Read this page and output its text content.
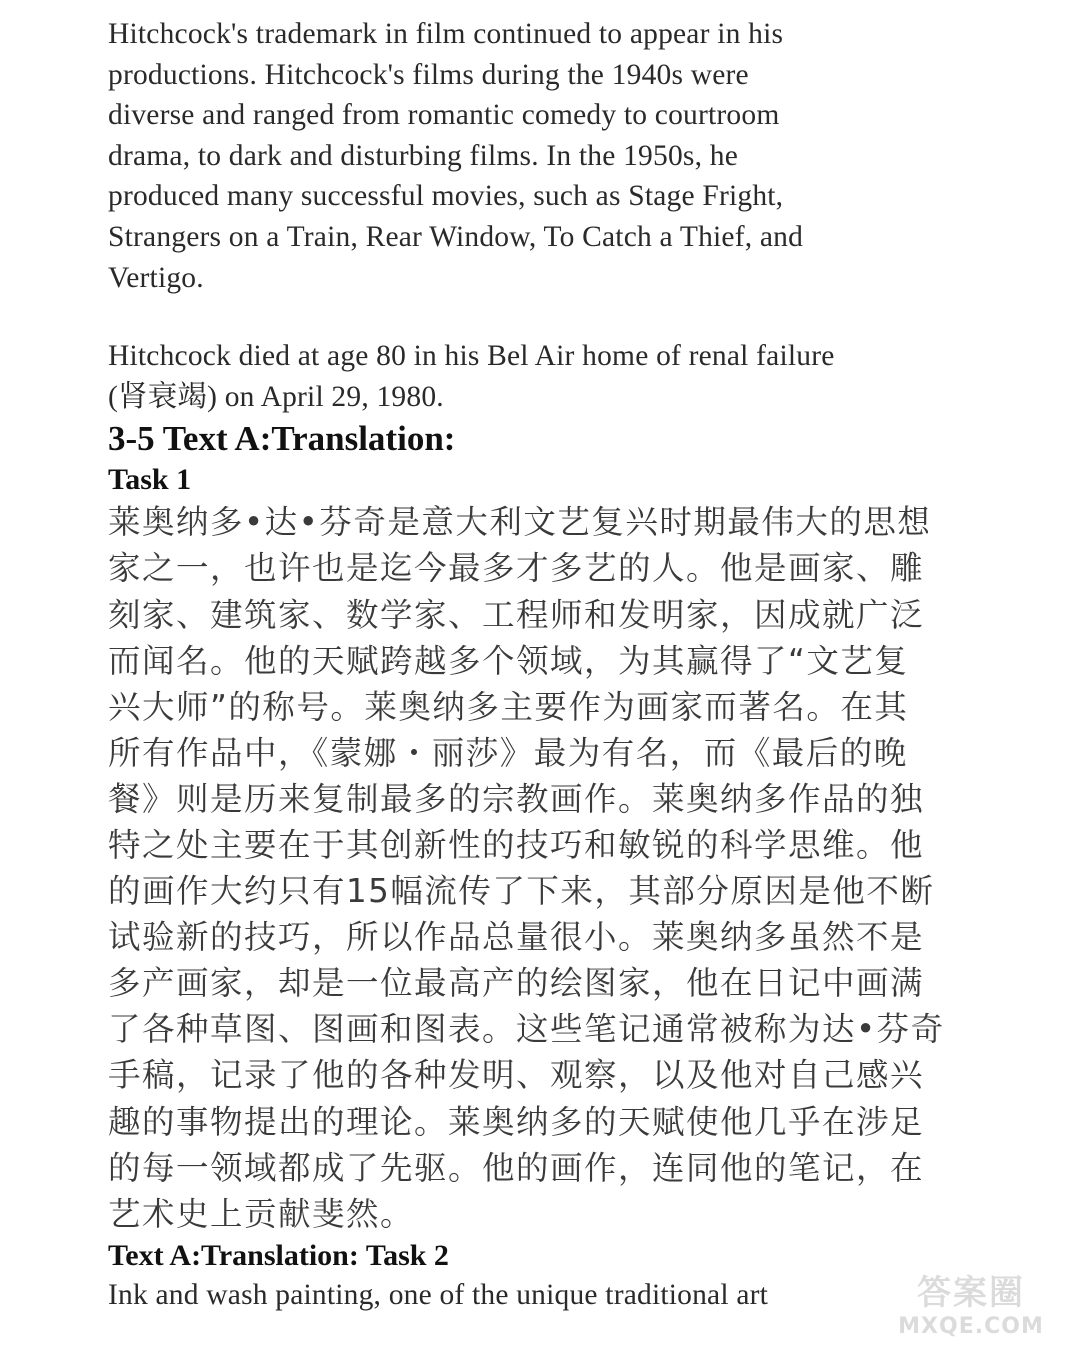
Hitchcock's trademark in film continued to appear in his
productions. Hitchcock's films during the 1940s were
diverse and ranged from romantic comedy to courtroom
drama, to dark and disturbing films. In the 1950s, he
produced many successful movies, such as Stage Fright,
Strangers on a Train, Rear Window, To Catch a Thief, and
Vertigo.
Hitchcock died at age 80 in his Bel Air home of renal failure
(肾衰竭) on April 29, 1980.
3-5 Text A:Translation:
Task 1
莱奥纳多•达•芬奇是意大利文艺复兴时期最伟大的思想
家之一，也许也是迄今最多才多艺的人。他是画家、雕
刻家、建筑家、数学家、工程师和发明家，因成就广泛
而闻名。他的天赋跨越多个领域，为其赢得了“文艺复
兴大师”的称号。莱奥纳多主要作为画家而著名。在其
所有作品中，《蒙娜・丽莎》最为有名，而《最后的晚
餐》则是历来复制最多的宗教画作。莱奥纳多作品的独
特之处主要在于其创新性的技巧和敏锐的科学思维。他
的画作大约只有15幅流传了下来，其部分原因是他不断
试验新的技巧，所以作品总量很小。莱奥纳多虽然不是
多产画家，却是一位最高产的绘图家，他在日记中画满
了各种草图、图画和图表。这些笔记通常被称为达•芬奇
手稿，记录了他的各种发明、观察，以及他对自己感兴
趣的事物提出的理论。莱奥纳多的天赋使他几乎在涉足
的每一领域都成了先驱。他的画作，连同他的笔记，在
艺术史上贡献斐然。
Text A:Translation: Task 2
Ink and wash painting, one of the unique traditional art	答案圈
MXQE.COM
